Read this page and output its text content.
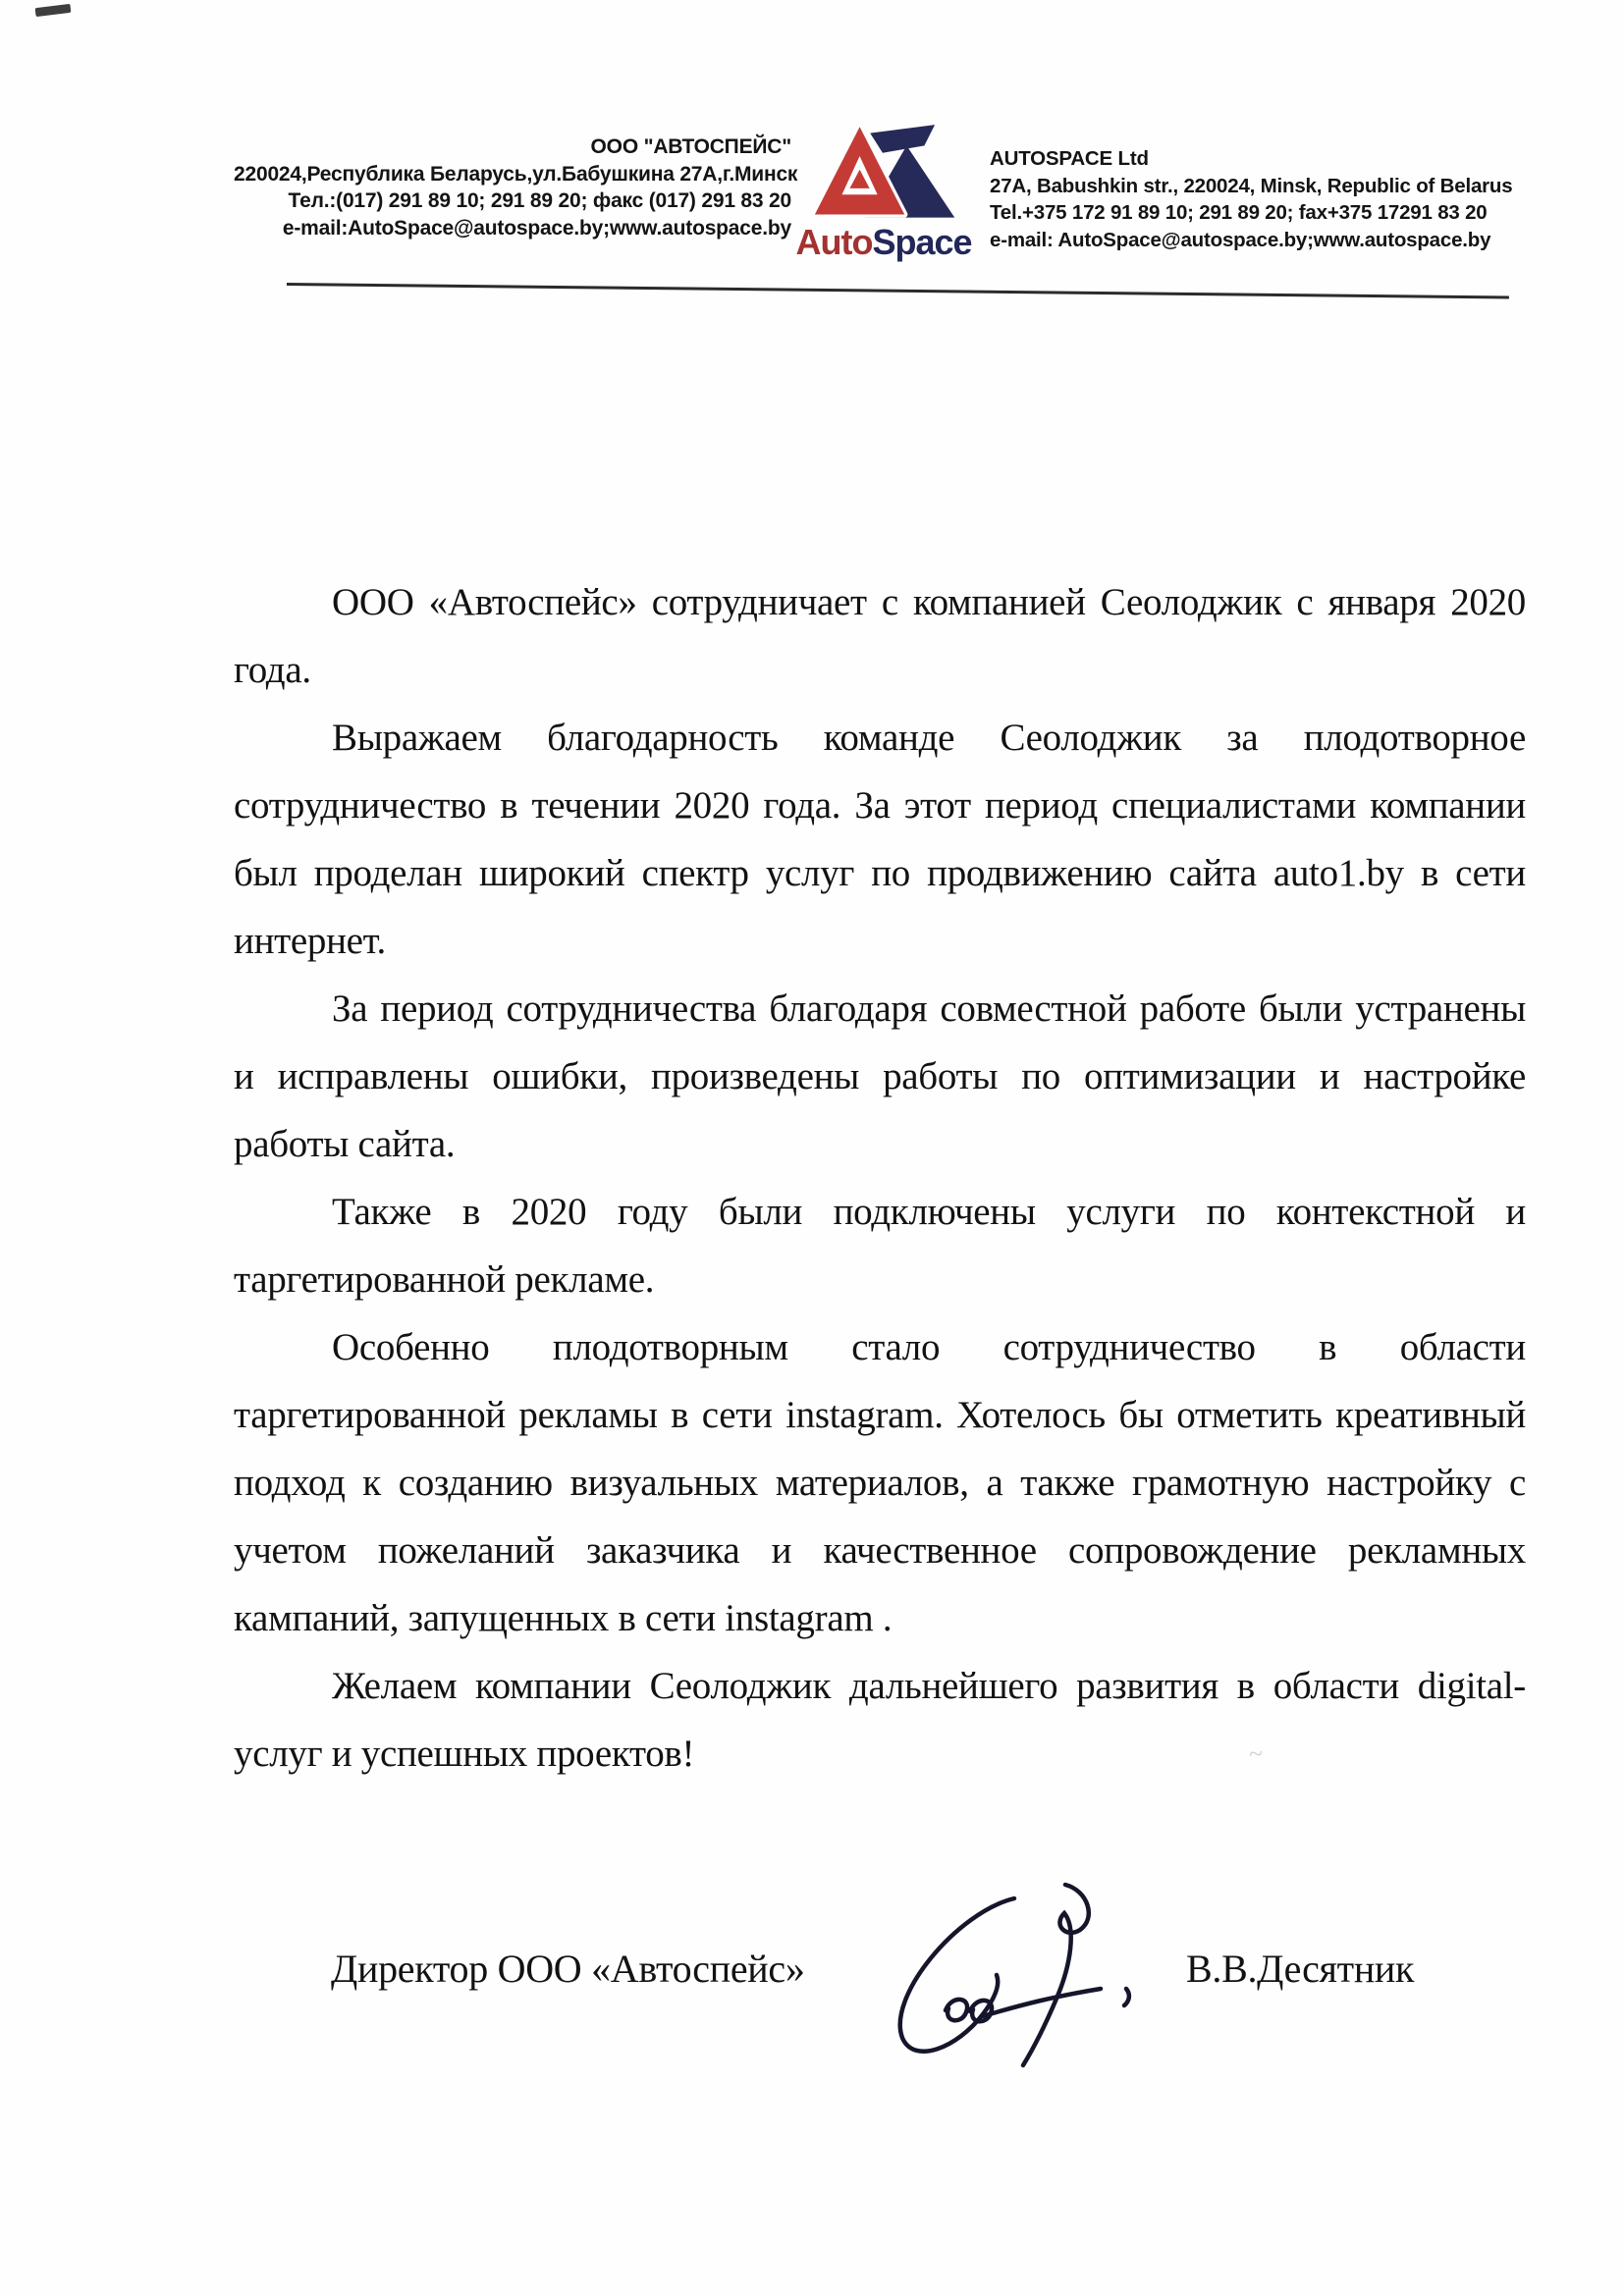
ООО "АВТОСПЕЙС"
220024,Республика Беларусь,ул.Бабушкина 27А,г.Минск
Тел.:(017) 291 89 10; 291 89 20; факс (017) 291 83 20
e-mail:AutoSpace@autospace.by;www.autospace.by AutoSpace
AUTOSPACE Ltd
27A, Babushkin str., 220024, Minsk, Republic of Belarus
Tel.+375 172 91 89 10; 291 89 20; fax+375 17291 83 20
e-mail: AutoSpace@autospace.by;www.autospace.by

ООО «Автоспейс» сотрудничает с компанией Сеолоджик с января 2020 года.

Выражаем благодарность команде Сеолоджик за плодотворное сотрудничество в течении 2020 года. За этот период специалистами компании был проделан широкий спектр услуг по продвижению сайта auto1.by в сети интернет.

За период сотрудничества благодаря совместной работе были устранены и исправлены ошибки, произведены работы по оптимизации и настройке работы сайта.

Также в 2020 году были подключены услуги по контекстной и таргетированной рекламе.

Особенно плодотворным стало сотрудничество в области таргетированной рекламы в сети instagram. Хотелось бы отметить креативный подход к созданию визуальных материалов, а также грамотную настройку с учетом пожеланий заказчика и качественное сопровождение рекламных кампаний, запущенных в сети instagram .

Желаем компании Сеолоджик дальнейшего развития в области digital-услуг и успешных проектов!	~
Директор ООО «Автоспейс»	В.В.Десятник
